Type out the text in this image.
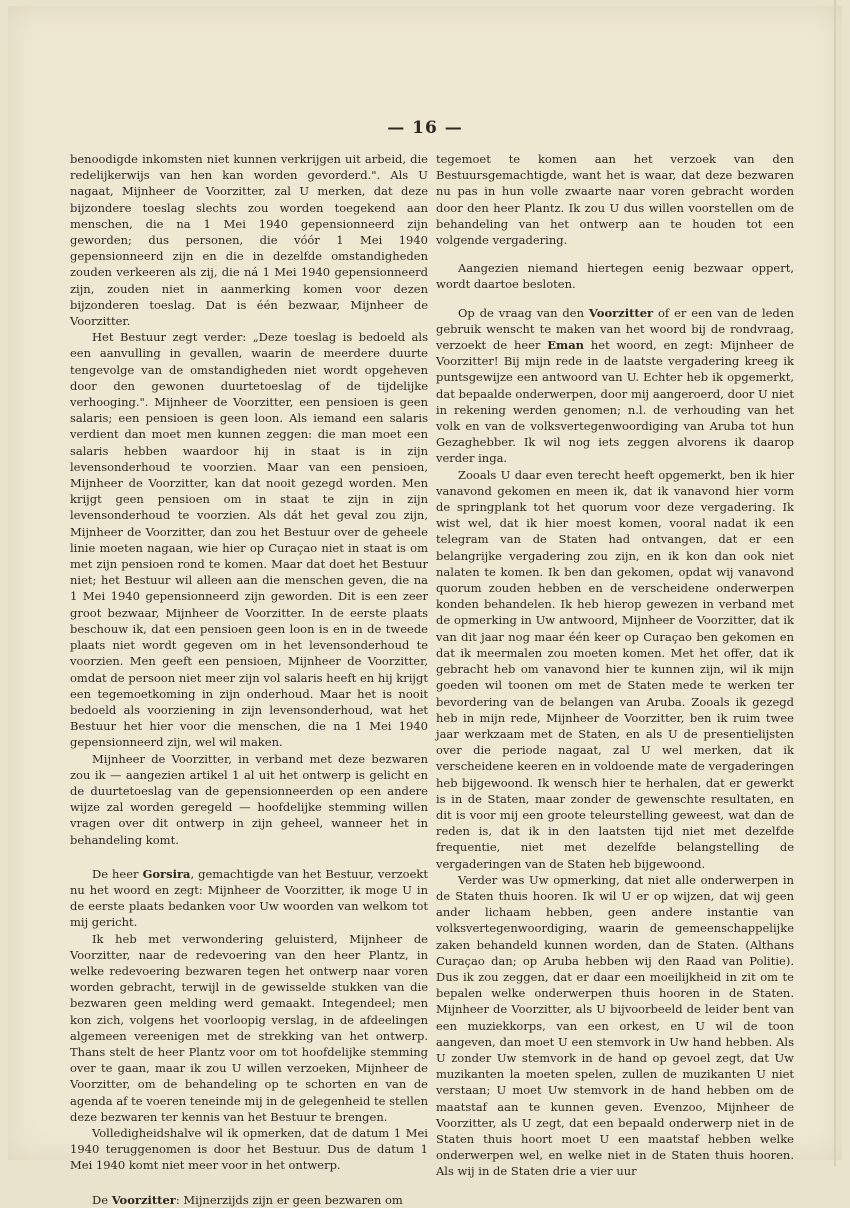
— 16 —

benoodigde inkomsten niet kunnen verkrijgen uit arbeid, die redelijkerwijs van hen kan worden gevorderd.". Als U nagaat, Mijnheer de Voorzitter, zal U merken, dat deze bijzondere toeslag slechts zou worden toegekend aan menschen, die na 1 Mei 1940 gepensionneerd zijn geworden; dus personen, die vóór 1 Mei 1940 gepensionneerd zijn en die in dezelfde omstandigheden zouden verkeeren als zij, die ná 1 Mei 1940 gepensionneerd zijn, zouden niet in aanmerking komen voor dezen bijzonderen toeslag. Dat is één bezwaar, Mijnheer de Voorzitter.

Het Bestuur zegt verder: „Deze toeslag is bedoeld als een aanvulling in gevallen, waarin de meerdere duurte tengevolge van de omstandigheden niet wordt opgeheven door den gewonen duurtetoeslag of de tijdelijke verhooging.". Mijnheer de Voorzitter, een pensioen is geen salaris; een pensioen is geen loon. Als iemand een salaris verdient dan moet men kunnen zeggen: die man moet een salaris hebben waardoor hij in staat is in zijn levensonderhoud te voorzien. Maar van een pensioen, Mijnheer de Voorzitter, kan dat nooit gezegd worden. Men krijgt geen pensioen om in staat te zijn in zijn levensonderhoud te voorzien. Als dát het geval zou zijn, Mijnheer de Voorzitter, dan zou het Bestuur over de geheele linie moeten nagaan, wie hier op Curaçao niet in staat is om met zijn pensioen rond te komen. Maar dat doet het Bestuur niet; het Bestuur wil alleen aan die menschen geven, die na 1 Mei 1940 gepensionneerd zijn geworden. Dit is een zeer groot bezwaar, Mijnheer de Voorzitter. In de eerste plaats beschouw ik, dat een pensioen geen loon is en in de tweede plaats niet wordt gegeven om in het levensonderhoud te voorzien. Men geeft een pensioen, Mijnheer de Voorzitter, omdat de persoon niet meer zijn vol salaris heeft en hij krijgt een tegemoetkoming in zijn onderhoud. Maar het is nooit bedoeld als voorziening in zijn levensonderhoud, wat het Bestuur het hier voor die menschen, die na 1 Mei 1940 gepensionneerd zijn, wel wil maken.

Mijnheer de Voorzitter, in verband met deze bezwaren zou ik — aangezien artikel 1 al uit het ontwerp is gelicht en de duurtetoeslag van de gepensionneerden op een andere wijze zal worden geregeld — hoofdelijke stemming willen vragen over dit ontwerp in zijn geheel, wanneer het in behandeling komt.

De heer Gorsira, gemachtigde van het Bestuur, verzoekt nu het woord en zegt: Mijnheer de Voorzitter, ik moge U in de eerste plaats bedanken voor Uw woorden van welkom tot mij gericht.

Ik heb met verwondering geluisterd, Mijnheer de Voorzitter, naar de redevoering van den heer Plantz, in welke redevoering bezwaren tegen het ontwerp naar voren worden gebracht, terwijl in de gewisselde stukken van die bezwaren geen melding werd gemaakt. Integendeel; men kon zich, volgens het voorloopig verslag, in de afdeelingen algemeen vereenigen met de strekking van het ontwerp. Thans stelt de heer Plantz voor om tot hoofdelijke stemming over te gaan, maar ik zou U willen verzoeken, Mijnheer de Voorzitter, om de behandeling op te schorten en van de agenda af te voeren teneinde mij in de gelegenheid te stellen deze bezwaren ter kennis van het Bestuur te brengen.

Volledigheidshalve wil ik opmerken, dat de datum 1 Mei 1940 teruggenomen is door het Bestuur. Dus de datum 1 Mei 1940 komt niet meer voor in het ontwerp.

De Voorzitter: Mijnerzijds zijn er geen bezwaren om

tegemoet te komen aan het verzoek van den Bestuursgemachtigde, want het is waar, dat deze bezwaren nu pas in hun volle zwaarte naar voren gebracht worden door den heer Plantz. Ik zou U dus willen voorstellen om de behandeling van het ontwerp aan te houden tot een volgende vergadering.

Aangezien niemand hiertegen eenig bezwaar oppert, wordt daartoe besloten.

Op de vraag van den Voorzitter of er een van de leden gebruik wenscht te maken van het woord bij de rondvraag, verzoekt de heer Eman het woord, en zegt: Mijnheer de Voorzitter! Bij mijn rede in de laatste vergadering kreeg ik puntsgewijze een antwoord van U. Echter heb ik opgemerkt, dat bepaalde onderwerpen, door mij aangeroerd, door U niet in rekening werden genomen; n.l. de verhouding van het volk en van de volksvertegenwoordiging van Aruba tot hun Gezaghebber. Ik wil nog iets zeggen alvorens ik daarop verder inga.

Zooals U daar even terecht heeft opgemerkt, ben ik hier vanavond gekomen en meen ik, dat ik vanavond hier vorm de springplank tot het quorum voor deze vergadering. Ik wist wel, dat ik hier moest komen, vooral nadat ik een telegram van de Staten had ontvangen, dat er een belangrijke vergadering zou zijn, en ik kon dan ook niet nalaten te komen. Ik ben dan gekomen, opdat wij vanavond quorum zouden hebben en de verscheidene onderwerpen konden behandelen. Ik heb hierop gewezen in verband met de opmerking in Uw antwoord, Mijnheer de Voorzitter, dat ik van dit jaar nog maar één keer op Curaçao ben gekomen en dat ik meermalen zou moeten komen. Met het offer, dat ik gebracht heb om vanavond hier te kunnen zijn, wil ik mijn goeden wil toonen om met de Staten mede te werken ter bevordering van de belangen van Aruba. Zooals ik gezegd heb in mijn rede, Mijnheer de Voorzitter, ben ik ruim twee jaar werkzaam met de Staten, en als U de presentielijsten over die periode nagaat, zal U wel merken, dat ik verscheidene keeren en in voldoende mate de vergaderingen heb bijgewoond. Ik wensch hier te herhalen, dat er gewerkt is in de Staten, maar zonder de gewenschte resultaten, en dit is voor mij een groote teleurstelling geweest, wat dan de reden is, dat ik in den laatsten tijd niet met dezelfde frequentie, niet met dezelfde belangstelling de vergaderingen van de Staten heb bijgewoond.

Verder was Uw opmerking, dat niet alle onderwerpen in de Staten thuis hooren. Ik wil U er op wijzen, dat wij geen ander lichaam hebben, geen andere instantie van volksvertegenwoordiging, waarin de gemeenschappelijke zaken behandeld kunnen worden, dan de Staten. (Althans Curaçao dan; op Aruba hebben wij den Raad van Politie). Dus ik zou zeggen, dat er daar een moeilijkheid in zit om te bepalen welke onderwerpen thuis hooren in de Staten. Mijnheer de Voorzitter, als U bijvoorbeeld de leider bent van een muziekkorps, van een orkest, en U wil de toon aangeven, dan moet U een stemvork in Uw hand hebben. Als U zonder Uw stemvork in de hand op gevoel zegt, dat Uw muzikanten la moeten spelen, zullen de muzikanten U niet verstaan; U moet Uw stemvork in de hand hebben om de maatstaf aan te kunnen geven. Evenzoo, Mijnheer de Voorzitter, als U zegt, dat een bepaald onderwerp niet in de Staten thuis hoort moet U een maatstaf hebben welke onderwerpen wel, en welke niet in de Staten thuis hooren. Als wij in de Staten drie a vier uur
